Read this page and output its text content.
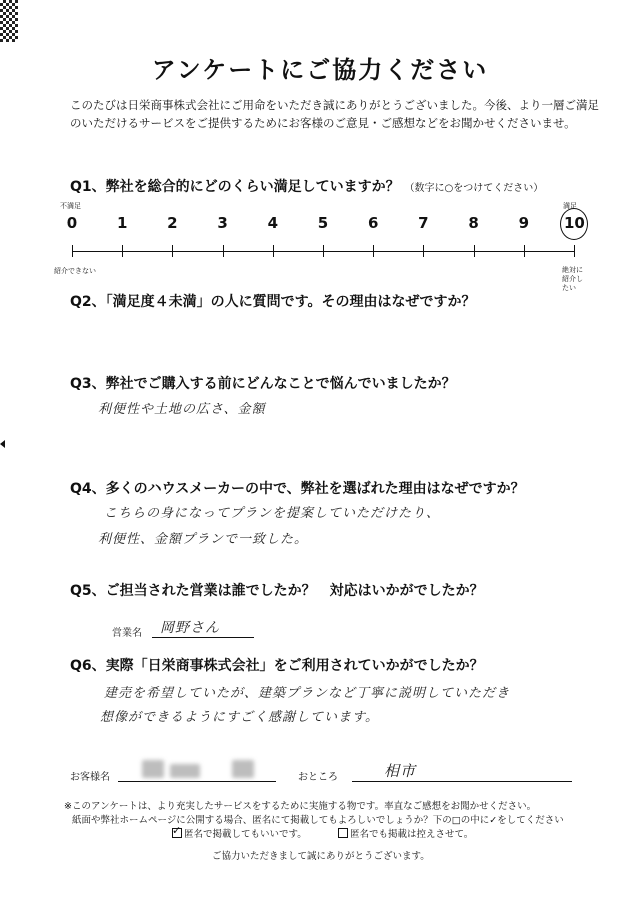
アンケートにご協力ください
このたびは日栄商事株式会社にご用命をいただき誠にありがとうございました。今後、より一層ご満足のいただけるサービスをご提供するためにお客様のご意見・ご感想などをお聞かせくださいませ。
Q1、弊社を総合的にどのくらい満足していますか？ （数字に○をつけてください）
不満足
紹介できない
満足
絶対に紹介したい
0	1	2	3	4	5	6	7	8	9	10
Q2、「満足度４未満」の人に質問です。その理由はなぜですか？
Q3、弊社でご購入する前にどんなことで悩んでいましたか？
利便性や土地の広さ、金額
Q4、多くのハウスメーカーの中で、弊社を選ばれた理由はなぜですか？
こちらの身になってプランを提案していただけたり、
利便性、金額プランで一致した。
Q5、ご担当された営業は誰でしたか？　対応はいかがでしたか？
営業名 岡野さん
Q6、実際「日栄商事株式会社」をご利用されていかがでしたか？
建売を希望していたが、建築プランなど丁寧に説明していただき
想像ができるようにすごく感謝しています。
お客様名	おところ	相市
※このアンケートは、より充実したサービスをするために実施する物です。率直なご感想をお聞かせください。
紙面や弊社ホームページに公開する場合、匿名にて掲載してもよろしいでしょうか？下の□の中に✓をしてください
✓匿名で掲載してもいいです。	匿名でも掲載は控えさせて。
ご協力いただきまして誠にありがとうございます。
